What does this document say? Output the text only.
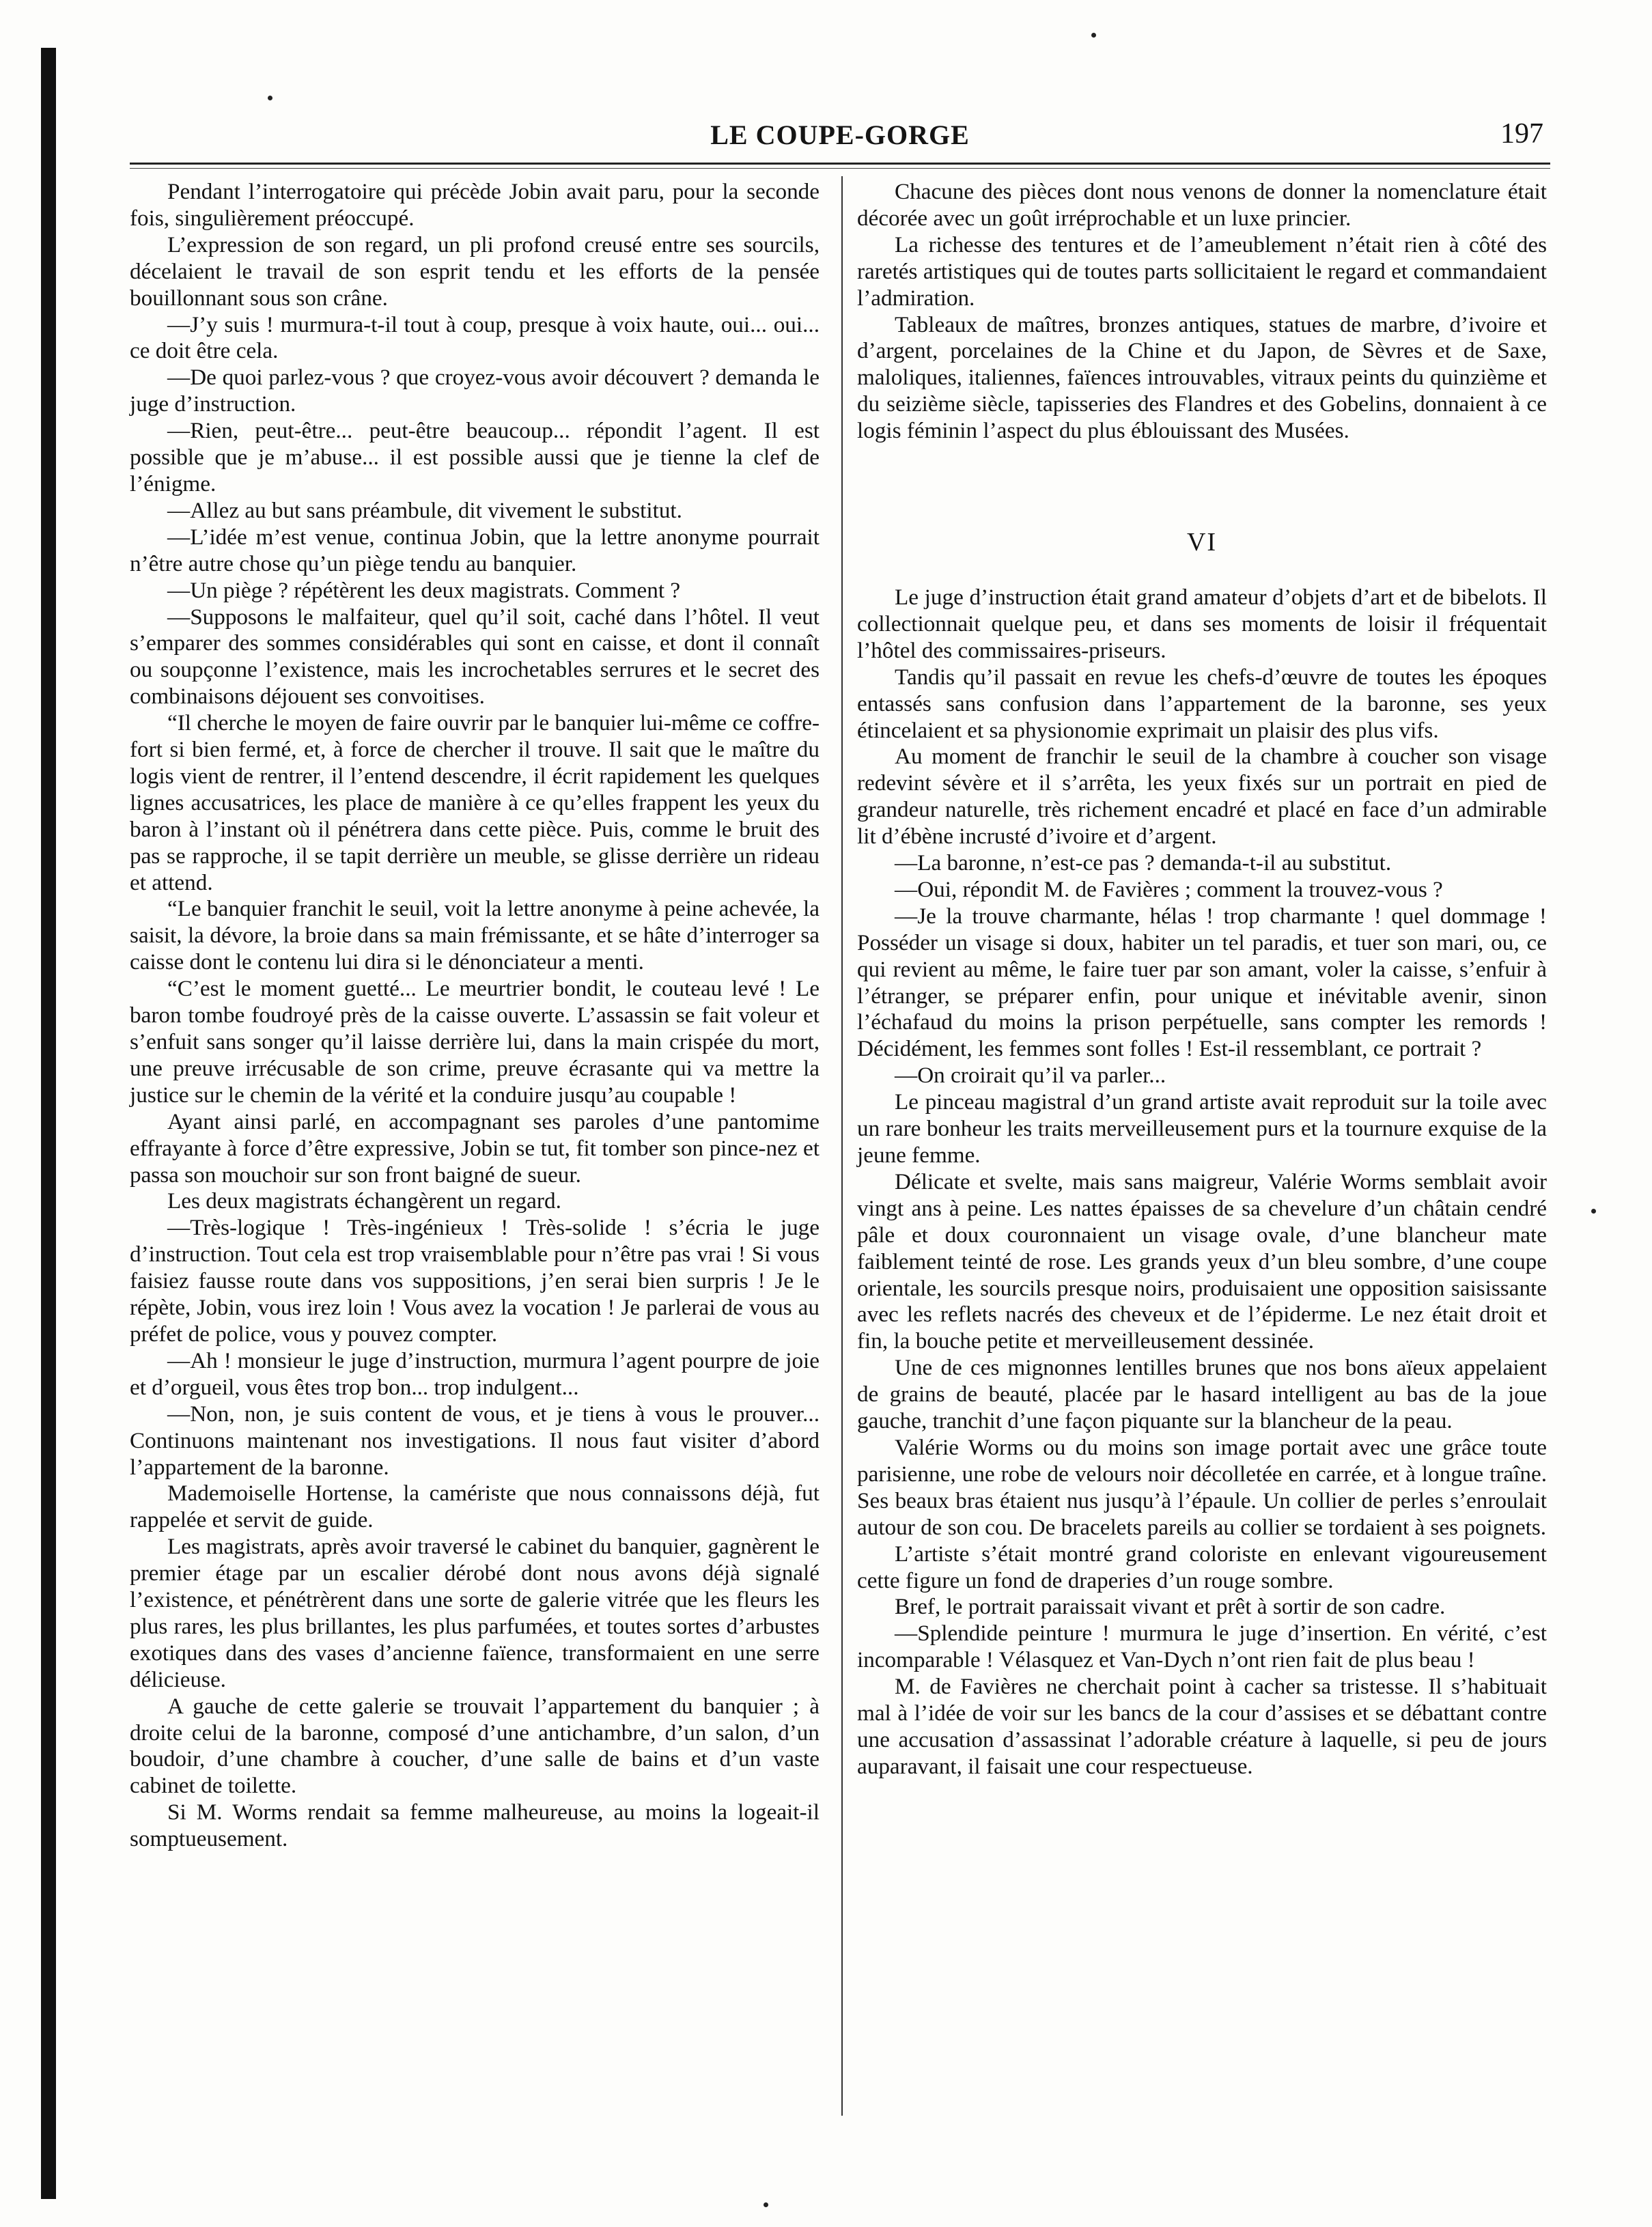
LE COUPE-GORGE	197

Pendant l’interrogatoire qui précède Jobin avait paru, pour la seconde fois, singulièrement préoccupé.

L’expression de son regard, un pli profond creusé entre ses sourcils, décelaient le travail de son esprit tendu et les efforts de la pensée bouillonnant sous son crâne.

—J’y suis ! murmura-t-il tout à coup, presque à voix haute, oui... oui... ce doit être cela.

—De quoi parlez-vous ? que croyez-vous avoir découvert ? demanda le juge d’instruction.

—Rien, peut-être... peut-être beaucoup... répondit l’agent. Il est possible que je m’abuse... il est possible aussi que je tienne la clef de l’énigme.

—Allez au but sans préambule, dit vivement le substitut.

—L’idée m’est venue, continua Jobin, que la lettre anonyme pourrait n’être autre chose qu’un piège tendu au banquier.

—Un piège ? répétèrent les deux magistrats. Comment ?

—Supposons le malfaiteur, quel qu’il soit, caché dans l’hôtel. Il veut s’emparer des sommes considérables qui sont en caisse, et dont il connaît ou soupçonne l’existence, mais les incrochetables serrures et le secret des combinaisons déjouent ses convoitises.

“Il cherche le moyen de faire ouvrir par le banquier lui-même ce coffre-fort si bien fermé, et, à force de chercher il trouve. Il sait que le maître du logis vient de rentrer, il l’entend descendre, il écrit rapidement les quelques lignes accusatrices, les place de manière à ce qu’elles frappent les yeux du baron à l’instant où il pénétrera dans cette pièce. Puis, comme le bruit des pas se rapproche, il se tapit derrière un meuble, se glisse derrière un rideau et attend.

“Le banquier franchit le seuil, voit la lettre anonyme à peine achevée, la saisit, la dévore, la broie dans sa main frémissante, et se hâte d’interroger sa caisse dont le contenu lui dira si le dénonciateur a menti.

“C’est le moment guetté... Le meurtrier bondit, le couteau levé ! Le baron tombe foudroyé près de la caisse ouverte. L’assassin se fait voleur et s’enfuit sans songer qu’il laisse derrière lui, dans la main crispée du mort, une preuve irrécusable de son crime, preuve écrasante qui va mettre la justice sur le chemin de la vérité et la conduire jusqu’au coupable !

Ayant ainsi parlé, en accompagnant ses paroles d’une pantomime effrayante à force d’être expressive, Jobin se tut, fit tomber son pince-nez et passa son mouchoir sur son front baigné de sueur.

Les deux magistrats échangèrent un regard.

—Très-logique ! Très-ingénieux ! Très-solide ! s’écria le juge d’instruction. Tout cela est trop vraisemblable pour n’être pas vrai ! Si vous faisiez fausse route dans vos suppositions, j’en serai bien surpris ! Je le répète, Jobin, vous irez loin ! Vous avez la vocation ! Je parlerai de vous au préfet de police, vous y pouvez compter.

—Ah ! monsieur le juge d’instruction, murmura l’agent pourpre de joie et d’orgueil, vous êtes trop bon... trop indulgent...

—Non, non, je suis content de vous, et je tiens à vous le prouver... Continuons maintenant nos investigations. Il nous faut visiter d’abord l’appartement de la baronne.

Mademoiselle Hortense, la caméristе que nous connaissons déjà, fut rappelée et servit de guide.

Les magistrats, après avoir traversé le cabinet du banquier, gagnèrent le premier étage par un escalier dérobé dont nous avons déjà signalé l’existence, et pénétrèrent dans une sorte de galerie vitrée que les fleurs les plus rares, les plus brillantes, les plus parfumées, et toutes sortes d’arbustes exotiques dans des vases d’ancienne faïence, transformaient en une serre délicieuse.

A gauche de cette galerie se trouvait l’appartement du banquier ; à droite celui de la baronne, composé d’une antichambre, d’un salon, d’un boudoir, d’une chambre à coucher, d’une salle de bains et d’un vaste cabinet de toilette.

Si M. Worms rendait sa femme malheureuse, au moins la logeait-il somptueusement.

Chacune des pièces dont nous venons de donner la nomenclature était décorée avec un goût irréprochable et un luxe princier.

La richesse des tentures et de l’ameublement n’était rien à côté des raretés artistiques qui de toutes parts sollicitaient le regard et commandaient l’admiration.

Tableaux de maîtres, bronzes antiques, statues de marbre, d’ivoire et d’argent, porcelaines de la Chine et du Japon, de Sèvres et de Saxe, maloliques, italiennes, faïences introuvables, vitraux peints du quinzième et du seizième siècle, tapisseries des Flandres et des Gobelins, donnaient à ce logis féminin l’aspect du plus éblouissant des Musées.

VI

Le juge d’instruction était grand amateur d’objets d’art et de bibelots. Il collectionnait quelque peu, et dans ses moments de loisir il fréquentait l’hôtel des commissaires-priseurs.

Tandis qu’il passait en revue les chefs-d’œuvre de toutes les époques entassés sans confusion dans l’appartement de la baronne, ses yeux étincelaient et sa physionomie exprimait un plaisir des plus vifs.

Au moment de franchir le seuil de la chambre à coucher son visage redevint sévère et il s’arrêta, les yeux fixés sur un portrait en pied de grandeur naturelle, très richement encadré et placé en face d’un admirable lit d’ébène incrusté d’ivoire et d’argent.

—La baronne, n’est-ce pas ? demanda-t-il au substitut.

—Oui, répondit M. de Favières ; comment la trouvez-vous ?

—Je la trouve charmante, hélas ! trop charmante ! quel dommage ! Posséder un visage si doux, habiter un tel paradis, et tuer son mari, ou, ce qui revient au même, le faire tuer par son amant, voler la caisse, s’enfuir à l’étranger, se préparer enfin, pour unique et inévitable avenir, sinon l’échafaud du moins la prison perpétuelle, sans compter les remords ! Décidément, les femmes sont folles ! Est-il ressemblant, ce portrait ?

—On croirait qu’il va parler...

Le pinceau magistral d’un grand artiste avait reproduit sur la toile avec un rare bonheur les traits merveilleusement purs et la tournure exquise de la jeune femme.

Délicate et svelte, mais sans maigreur, Valérie Worms semblait avoir vingt ans à peine. Les nattes épaisses de sa chevelure d’un châtain cendré pâle et doux couronnaient un visage ovale, d’une blancheur mate faiblement teinté de rose. Les grands yeux d’un bleu sombre, d’une coupe orientale, les sourcils presque noirs, produisaient une opposition saisissante avec les reflets nacrés des cheveux et de l’épiderme. Le nez était droit et fin, la bouche petite et merveilleusement dessinée.

Une de ces mignonnes lentilles brunes que nos bons aïeux appelaient de grains de beauté, placée par le hasard intelligent au bas de la joue gauche, tranchit d’une façon piquante sur la blancheur de la peau.

Valérie Worms ou du moins son image portait avec une grâce toute parisienne, une robe de velours noir décolletée en carrée, et à longue traîne. Ses beaux bras étaient nus jusqu’à l’épaule. Un collier de perles s’enroulait autour de son cou. De bracelets pareils au collier se tordaient à ses poignets.

L’artiste s’était montré grand coloriste en enlevant vigoureusement cette figure un fond de draperies d’un rouge sombre.

Bref, le portrait paraissait vivant et prêt à sortir de son cadre.

—Splendide peinture ! murmura le juge d’insertion. En vérité, c’est incomparable ! Vélasquez et Van-Dych n’ont rien fait de plus beau !

M. de Favières ne cherchait point à cacher sa tristesse. Il s’habituait mal à l’idée de voir sur les bancs de la cour d’assises et se débattant contre une accusation d’assassinat l’adorable créature à laquelle, si peu de jours auparavant, il faisait une cour respectueuse.
